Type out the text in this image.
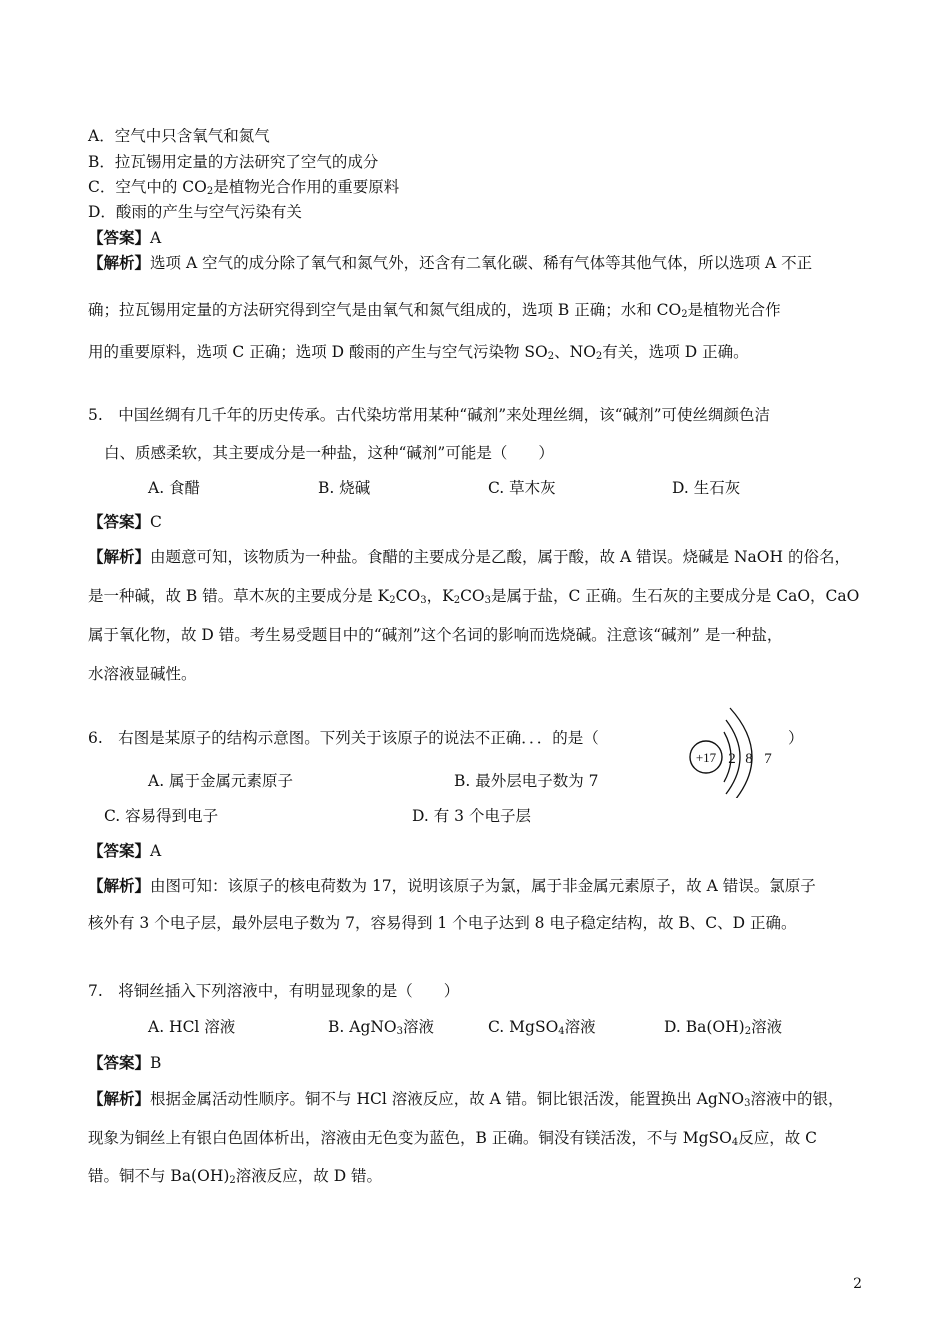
A．空气中只含氧气和氮气
B．拉瓦锡用定量的方法研究了空气的成分
C．空气中的 $CO_2$是植物光合作用的重要原料
D．酸雨的产生与空气污染有关
【答案】A
【解析】选项 A 空气的成分除了氧气和氮气外，还含有二氧化碳、稀有气体等其他气体，所以选项 A 不正
确；拉瓦锡用定量的方法研究得到空气是由氧气和氮气组成的，选项 B 正确；水和 $CO_2$是植物光合作
用的重要原料，选项 C 正确；选项 D 酸雨的产生与空气污染物 $SO_2$、$NO_2$有关，选项 D 正确。
5.　中国丝绸有几千年的历史传承。古代染坊常用某种“碱剂”来处理丝绸，该“碱剂”可使丝绸颜色洁
白、质感柔软，其主要成分是一种盐，这种“碱剂”可能是（　　）
A. 食醋	B. 烧碱	C. 草木灰	D. 生石灰
【答案】C
【解析】由题意可知，该物质为一种盐。食醋的主要成分是乙酸，属于酸，故 A 错误。烧碱是 NaOH 的俗名，
是一种碱，故 B 错。草木灰的主要成分是 $K_2CO_3$，$K_2CO_3$是属于盐，C 正确。生石灰的主要成分是 CaO，CaO
属于氧化物，故 D 错。考生易受题目中的“碱剂”这个名词的影响而选烧碱。注意该“碱剂” 是一种盐，
水溶液显碱性。
6.　右图是某原子的结构示意图。下列关于该原子的说法不正确．．．的是（	）
+17 2 8 7
A. 属于金属元素原子	B. 最外层电子数为 7
C. 容易得到电子	D. 有 3 个电子层
【答案】A
【解析】由图可知：该原子的核电荷数为 17，说明该原子为氯，属于非金属元素原子，故 A 错误。氯原子
核外有 3 个电子层，最外层电子数为 7，容易得到 1 个电子达到 8 电子稳定结构，故 B、C、D 正确。
7.　将铜丝插入下列溶液中，有明显现象的是（　　）
A. HCl 溶液	B. AgNO$_3$溶液	C. MgSO$_4$溶液	D. $Ba(OH)_2$溶液
【答案】B
【解析】根据金属活动性顺序。铜不与 HCl 溶液反应，故 A 错。铜比银活泼，能置换出 AgNO$_3$溶液中的银，
现象为铜丝上有银白色固体析出，溶液由无色变为蓝色，B 正确。铜没有镁活泼，不与 MgSO$_4$反应，故 C
错。铜不与 $Ba(OH)_2$溶液反应，故 D 错。
2
